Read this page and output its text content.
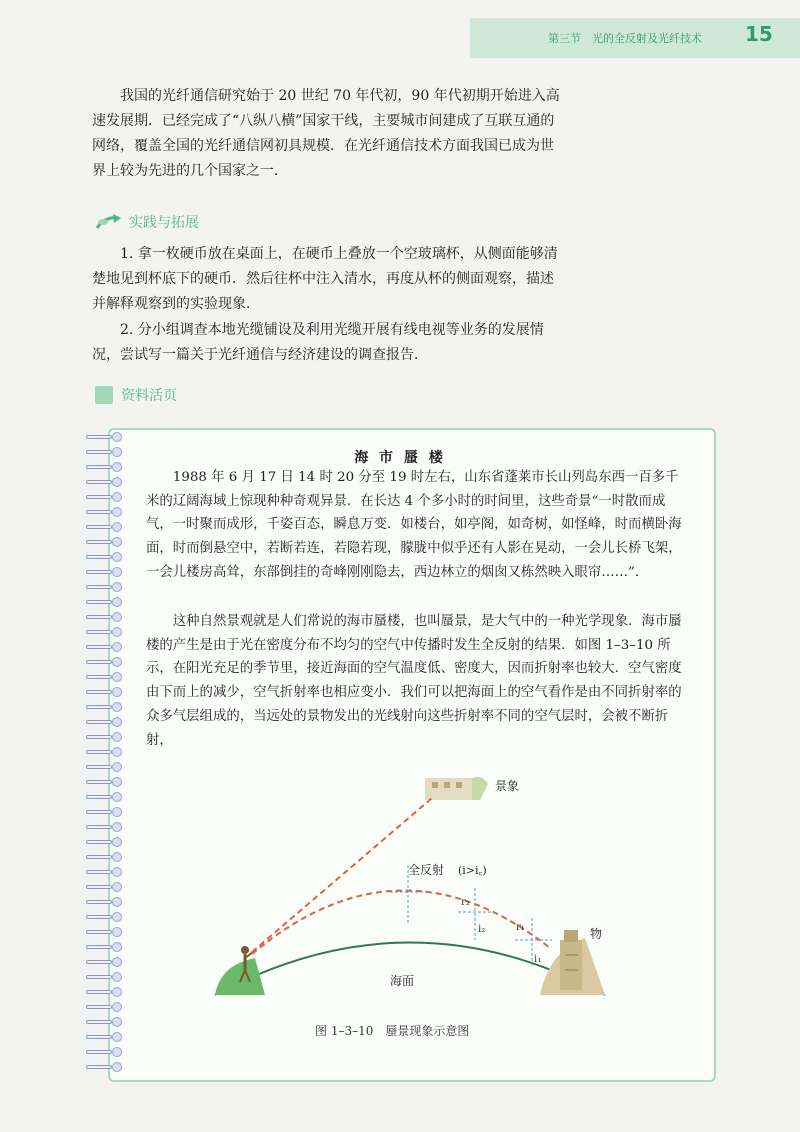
第三节　光的全反射及光纤技术 15

我国的光纤通信研究始于 20 世纪 70 年代初，90 年代初期开始进入高速发展期．已经完成了“八纵八横”国家干线，主要城市间建成了互联互通的网络，覆盖全国的光纤通信网初具规模．在光纤通信技术方面我国已成为世界上较为先进的几个国家之一．

实践与拓展

1. 拿一枚硬币放在桌面上，在硬币上叠放一个空玻璃杯，从侧面能够清楚地见到杯底下的硬币．然后往杯中注入清水，再度从杯的侧面观察，描述并解释观察到的实验现象．

2. 分小组调查本地光缆铺设及利用光缆开展有线电视等业务的发展情况，尝试写一篇关于光纤通信与经济建设的调查报告．

资料活页
海 市 蜃 楼

1988 年 6 月 17 日 14 时 20 分至 19 时左右，山东省蓬莱市长山列岛东西一百多千米的辽阔海域上惊现种种奇观异景．在长达 4 个多小时的时间里，这些奇景“一时散而成气，一时聚而成形，千姿百态，瞬息万变．如楼台，如亭阁，如奇树，如怪峰，时而横卧海面，时而倒悬空中，若断若连，若隐若现，朦胧中似乎还有人影在晃动，一会儿长桥飞架，一会儿楼房高耸，东部倒挂的奇峰刚刚隐去，西边林立的烟囱又栋然映入眼帘……”．

这种自然景观就是人们常说的海市蜃楼，也叫蜃景，是大气中的一种光学现象．海市蜃楼的产生是由于光在密度分布不均匀的空气中传播时发生全反射的结果．如图 1–3–10 所示，在阳光充足的季节里，接近海面的空气温度低、密度大，因而折射率也较大．空气密度由下而上的减少，空气折射率也相应变小．我们可以把海面上的空气看作是由不同折射率的众多气层组成的，当远处的景物发出的光线射向这些折射率不同的空气层时，会被不断折射，

全反射 (i>i꜀)
景象
物
海面
r₂
i₂	r₁
i₁
图 1–3–10　蜃景现象示意图
